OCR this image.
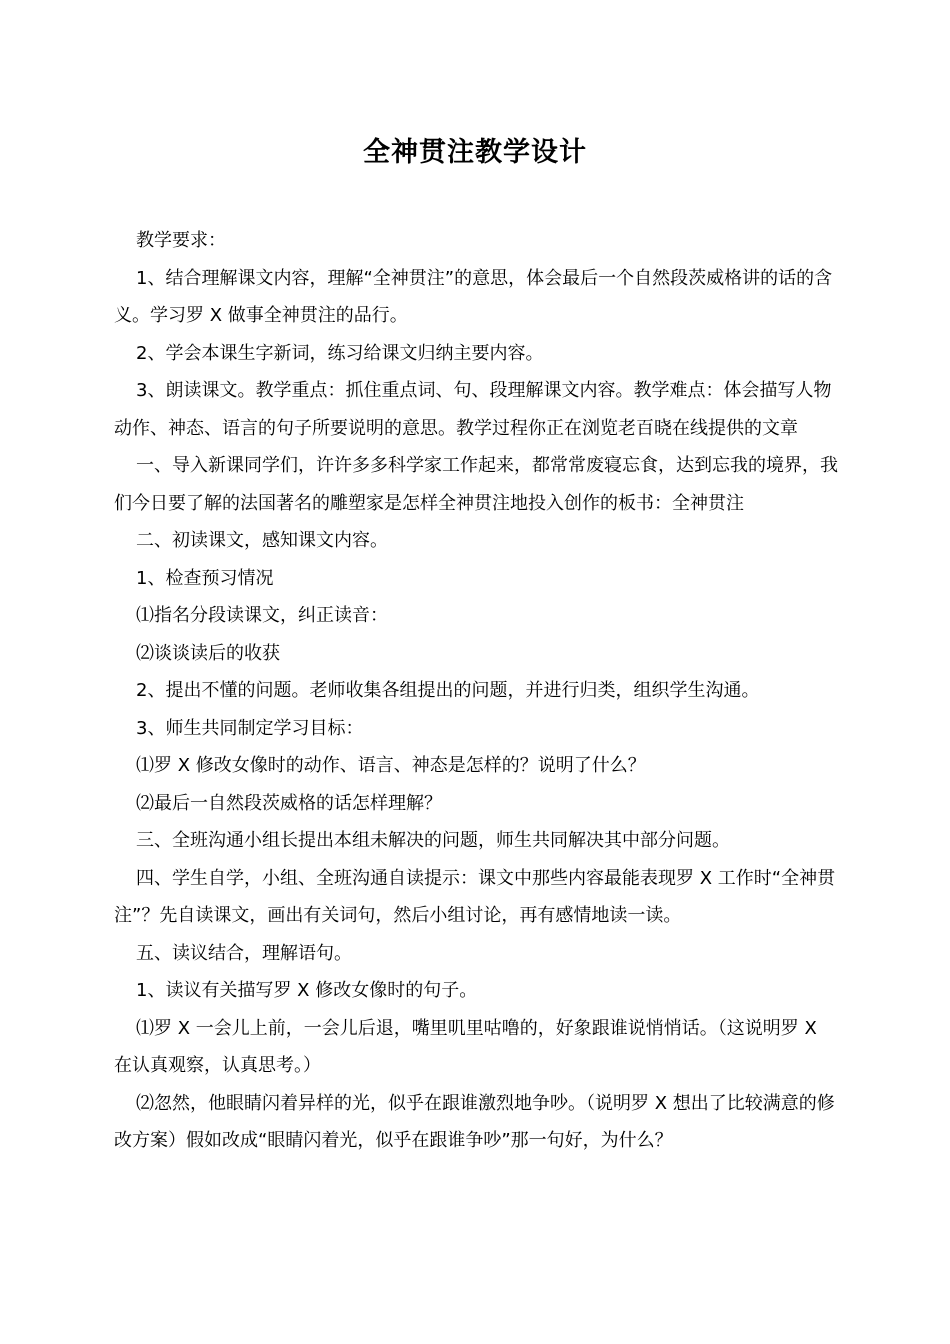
全神贯注教学设计

教学要求：

1、结合理解课文内容，理解“全神贯注”的意思，体会最后一个自然段茨威格讲的话的含义。学习罗 X 做事全神贯注的品行。

2、学会本课生字新词，练习给课文归纳主要内容。

3、朗读课文。教学重点：抓住重点词、句、段理解课文内容。教学难点：体会描写人物动作、神态、语言的句子所要说明的意思。教学过程你正在浏览老百晓在线提供的文章

一、导入新课同学们，许许多多科学家工作起来，都常常废寝忘食，达到忘我的境界，我们今日要了解的法国著名的雕塑家是怎样全神贯注地投入创作的板书：全神贯注

二、初读课文，感知课文内容。

1、检查预习情况

⑴指名分段读课文，纠正读音：

⑵谈谈读后的收获

2、提出不懂的问题。老师收集各组提出的问题，并进行归类，组织学生沟通。

3、师生共同制定学习目标：

⑴罗 X 修改女像时的动作、语言、神态是怎样的？说明了什么？

⑵最后一自然段茨威格的话怎样理解？

三、全班沟通小组长提出本组未解决的问题，师生共同解决其中部分问题。

四、学生自学，小组、全班沟通自读提示：课文中那些内容最能表现罗 X 工作时“全神贯注”？先自读课文，画出有关词句，然后小组讨论，再有感情地读一读。

五、读议结合，理解语句。

1、读议有关描写罗 X 修改女像时的句子。

⑴罗 X 一会儿上前，一会儿后退，嘴里叽里咕噜的，好象跟谁说悄悄话。（这说明罗 X 在认真观察，认真思考。）

⑵忽然，他眼睛闪着异样的光，似乎在跟谁激烈地争吵。（说明罗 X 想出了比较满意的修改方案）假如改成“眼睛闪着光，似乎在跟谁争吵”那一句好，为什么？
